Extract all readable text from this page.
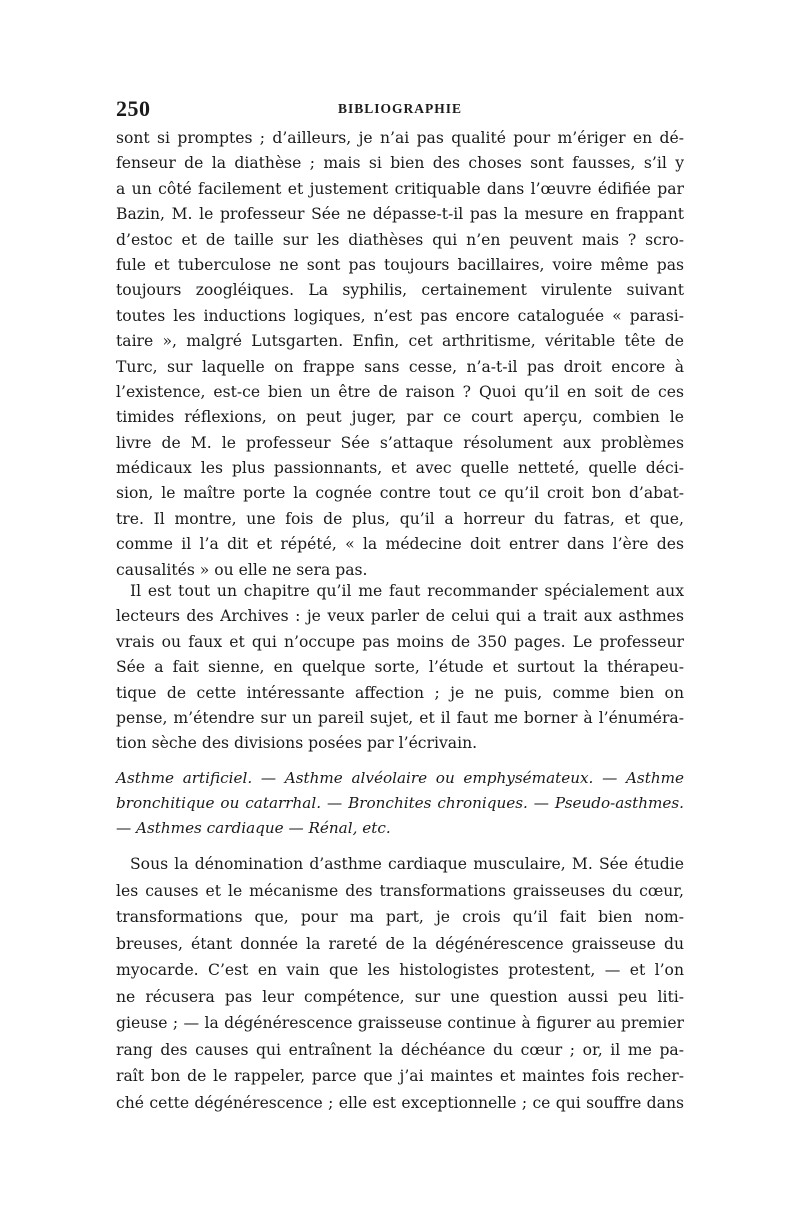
250	BIBLIOGRAPHIE
sont si promptes ; d’ailleurs, je n’ai pas qualité pour m’ériger en dé-
fenseur de la diathèse ; mais si bien des choses sont fausses, s’il y
a un côté facilement et justement critiquable dans l’œuvre édifiée par
Bazin, M. le professeur Sée ne dépasse-t-il pas la mesure en frappant
d’estoc et de taille sur les diathèses qui n’en peuvent mais ? scro-
fule et tuberculose ne sont pas toujours bacillaires, voire même pas
toujours zoogléiques. La syphilis, certainement virulente suivant
toutes les inductions logiques, n’est pas encore cataloguée « parasi-
taire », malgré Lutsgarten. Enfin, cet arthritisme, véritable tête de
Turc, sur laquelle on frappe sans cesse, n’a-t-il pas droit encore à
l’existence, est-ce bien un être de raison ? Quoi qu’il en soit de ces
timides réflexions, on peut juger, par ce court aperçu, combien le
livre de M. le professeur Sée s’attaque résolument aux problèmes
médicaux les plus passionnants, et avec quelle netteté, quelle déci-
sion, le maître porte la cognée contre tout ce qu’il croit bon d’abat-
tre. Il montre, une fois de plus, qu’il a horreur du fatras, et que,
comme il l’a dit et répété, « la médecine doit entrer dans l’ère des
causalités » ou elle ne sera pas.
Il est tout un chapitre qu’il me faut recommander spécialement aux
lecteurs des Archives : je veux parler de celui qui a trait aux asthmes
vrais ou faux et qui n’occupe pas moins de 350 pages. Le professeur
Sée a fait sienne, en quelque sorte, l’étude et surtout la thérapeu-
tique de cette intéressante affection ; je ne puis, comme bien on
pense, m’étendre sur un pareil sujet, et il faut me borner à l’énuméra-
tion sèche des divisions posées par l’écrivain.
Asthme artificiel. — Asthme alvéolaire ou emphysémateux. — Asthme
bronchitique ou catarrhal. — Bronchites chroniques. — Pseudo-asthmes.
— Asthmes cardiaque — Rénal, etc.
Sous la dénomination d’asthme cardiaque musculaire, M. Sée étudie
les causes et le mécanisme des transformations graisseuses du cœur,
transformations que, pour ma part, je crois qu’il fait bien nom-
breuses, étant donnée la rareté de la dégénérescence graisseuse du
myocarde. C’est en vain que les histologistes protestent, — et l’on
ne récusera pas leur compétence, sur une question aussi peu liti-
gieuse ; — la dégénérescence graisseuse continue à figurer au premier
rang des causes qui entraînent la déchéance du cœur ; or, il me pa-
raît bon de le rappeler, parce que j’ai maintes et maintes fois recher-
ché cette dégénérescence ; elle est exceptionnelle ; ce qui souffre dans
